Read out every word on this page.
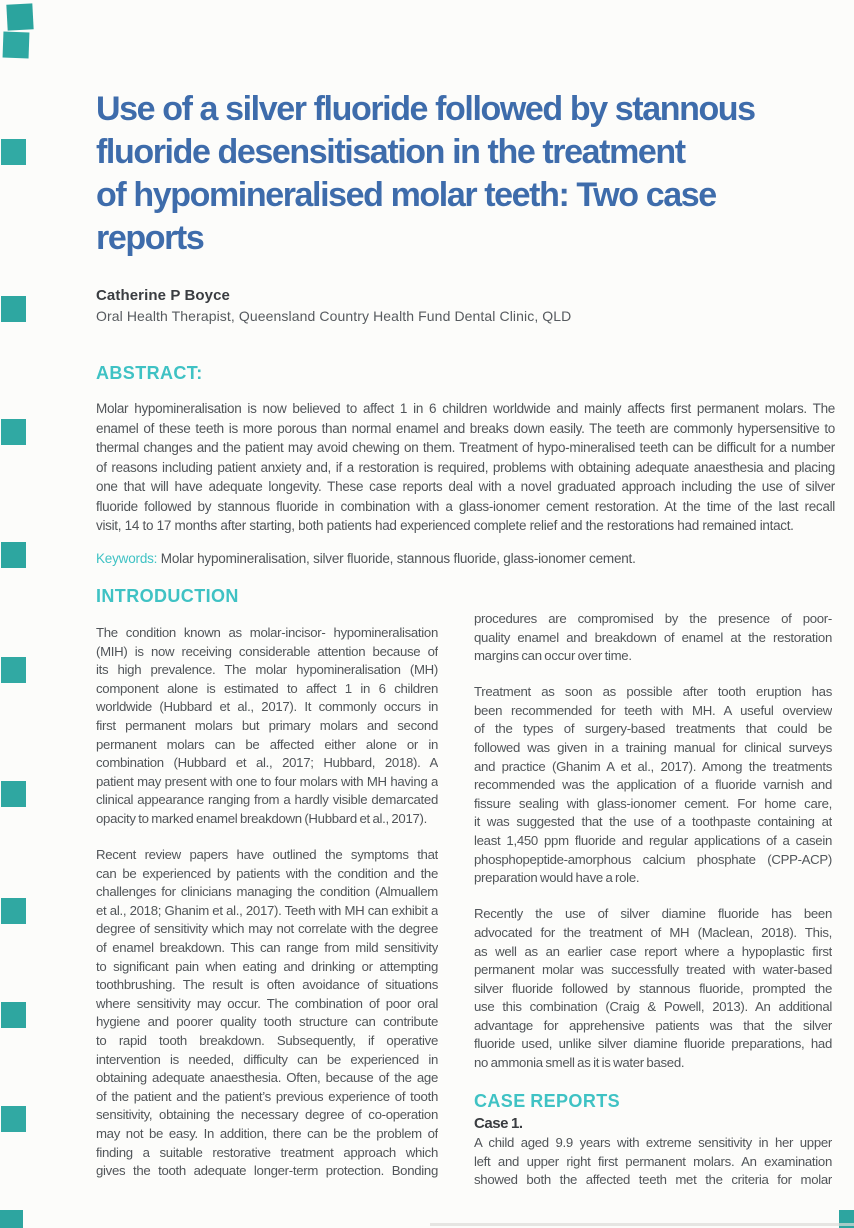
Use of a silver fluoride followed by stannous
fluoride desensitisation in the treatment
of hypomineralised molar teeth: Two case
reports
Catherine P Boyce
Oral Health Therapist, Queensland Country Health Fund Dental Clinic, QLD
ABSTRACT:
Molar hypomineralisation is now believed to affect 1 in 6 children worldwide and mainly affects first permanent molars. The
enamel of these teeth is more porous than normal enamel and breaks down easily. The teeth are commonly hypersensitive to
thermal changes and the patient may avoid chewing on them. Treatment of hypo-mineralised teeth can be difficult for a number
of reasons including patient anxiety and, if a restoration is required, problems with obtaining adequate anaesthesia and placing
one that will have adequate longevity. These case reports deal with a novel graduated approach including the use of silver
fluoride followed by stannous fluoride in combination with a glass-ionomer cement restoration. At the time of the last recall
visit, 14 to 17 months after starting, both patients had experienced complete relief and the restorations had remained intact.
Keywords: Molar hypomineralisation, silver fluoride, stannous fluoride, glass-ionomer cement.
INTRODUCTION
The condition known as molar-incisor- hypomineralisation
(MIH) is now receiving considerable attention because of
its high prevalence. The molar hypomineralisation (MH)
component alone is estimated to affect 1 in 6 children
worldwide (Hubbard et al., 2017). It commonly occurs in
first permanent molars but primary molars and second
permanent molars can be affected either alone or in
combination (Hubbard et al., 2017; Hubbard, 2018). A
patient may present with one to four molars with MH having a
clinical appearance ranging from a hardly visible demarcated
opacity to marked enamel breakdown (Hubbard et al., 2017).
Recent review papers have outlined the symptoms that
can be experienced by patients with the condition and the
challenges for clinicians managing the condition (Almuallem
et al., 2018; Ghanim et al., 2017). Teeth with MH can exhibit a
degree of sensitivity which may not correlate with the degree
of enamel breakdown. This can range from mild sensitivity
to significant pain when eating and drinking or attempting
toothbrushing. The result is often avoidance of situations
where sensitivity may occur. The combination of poor oral
hygiene and poorer quality tooth structure can contribute
to rapid tooth breakdown. Subsequently, if operative
intervention is needed, difficulty can be experienced in
obtaining adequate anaesthesia. Often, because of the age
of the patient and the patient’s previous experience of tooth
sensitivity, obtaining the necessary degree of co-operation
may not be easy. In addition, there can be the problem of
finding a suitable restorative treatment approach which
gives the tooth adequate longer-term protection. Bonding
procedures are compromised by the presence of poor-
quality enamel and breakdown of enamel at the restoration
margins can occur over time.
Treatment as soon as possible after tooth eruption has
been recommended for teeth with MH. A useful overview
of the types of surgery-based treatments that could be
followed was given in a training manual for clinical surveys
and practice (Ghanim A et al., 2017). Among the treatments
recommended was the application of a fluoride varnish and
fissure sealing with glass-ionomer cement. For home care,
it was suggested that the use of a toothpaste containing at
least 1,450 ppm fluoride and regular applications of a casein
phosphopeptide-amorphous calcium phosphate (CPP-ACP)
preparation would have a role.
Recently the use of silver diamine fluoride has been
advocated for the treatment of MH (Maclean, 2018). This,
as well as an earlier case report where a hypoplastic first
permanent molar was successfully treated with water-based
silver fluoride followed by stannous fluoride, prompted the
use this combination (Craig & Powell, 2013). An additional
advantage for apprehensive patients was that the silver
fluoride used, unlike silver diamine fluoride preparations, had
no ammonia smell as it is water based.
CASE REPORTS
Case 1.
A child aged 9.9 years with extreme sensitivity in her upper
left and upper right first permanent molars. An examination
showed both the affected teeth met the criteria for molar
